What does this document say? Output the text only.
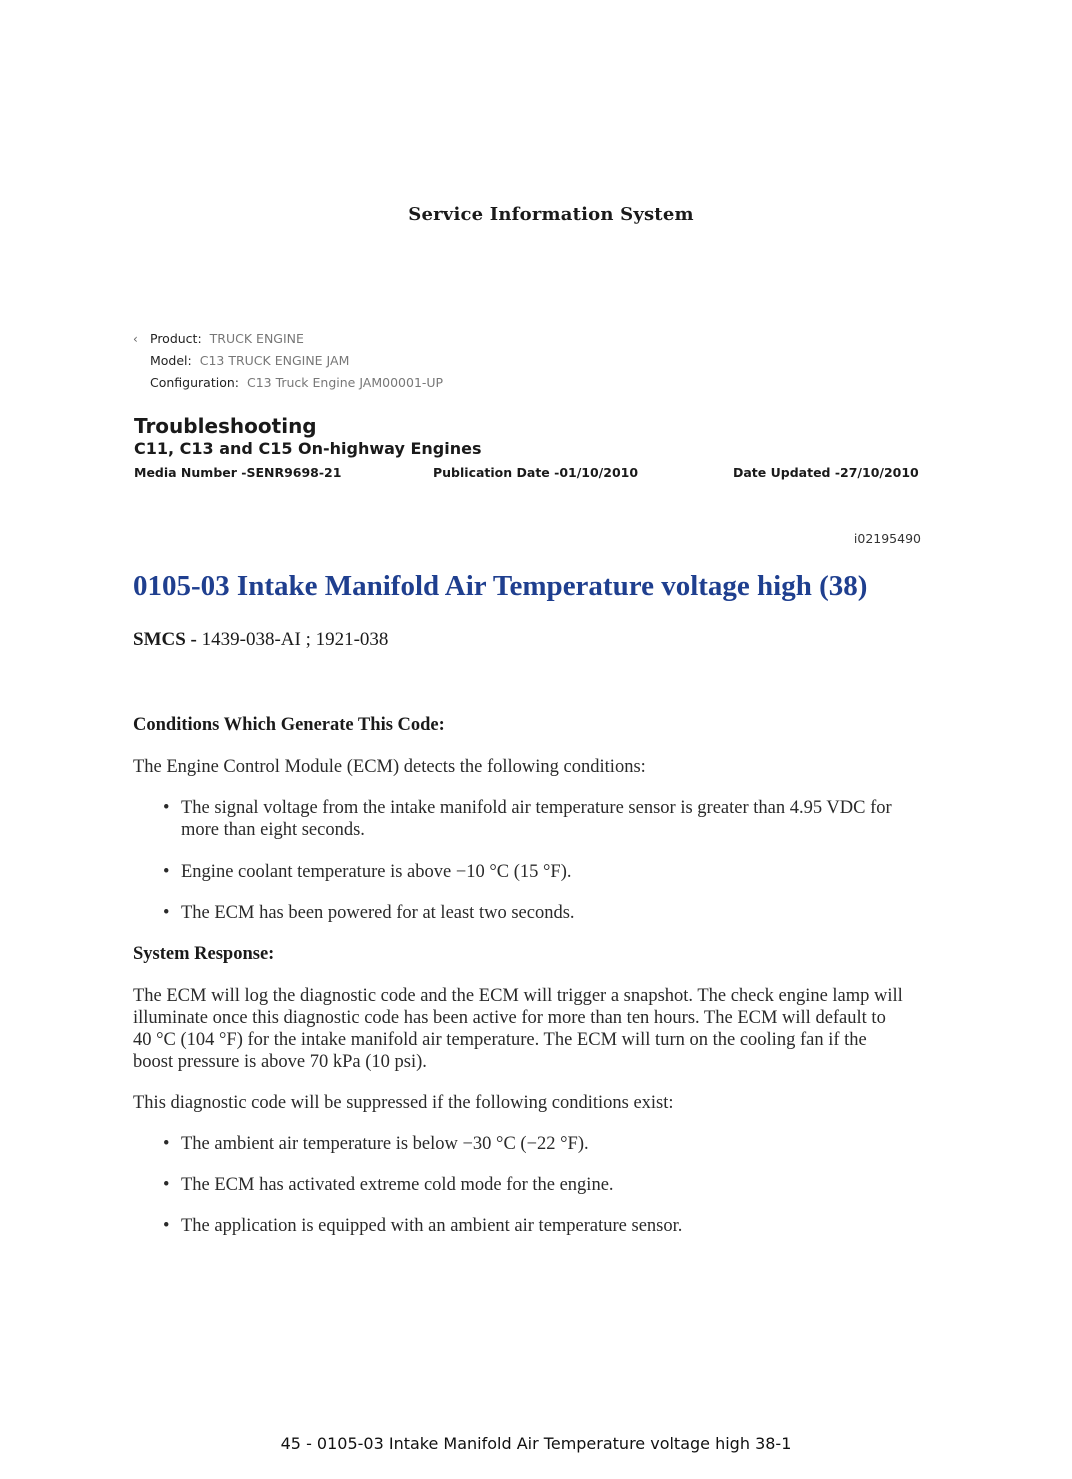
Service Information System
‹ Product: TRUCK ENGINE
Model: C13 TRUCK ENGINE JAM
Configuration: C13 Truck Engine JAM00001-UP
Troubleshooting
C11, C13 and C15 On-highway Engines
Media Number -SENR9698-21	Publication Date -01/10/2010	Date Updated -27/10/2010
i02195490
0105-03 Intake Manifold Air Temperature voltage high (38)
SMCS - 1439-038-AI ; 1921-038
Conditions Which Generate This Code:
The Engine Control Module (ECM) detects the following conditions:
• The signal voltage from the intake manifold air temperature sensor is greater than 4.95 VDC for more than eight seconds.
• Engine coolant temperature is above −10 °C (15 °F).
• The ECM has been powered for at least two seconds.
System Response:
The ECM will log the diagnostic code and the ECM will trigger a snapshot. The check engine lamp will illuminate once this diagnostic code has been active for more than ten hours. The ECM will default to 40 °C (104 °F) for the intake manifold air temperature. The ECM will turn on the cooling fan if the boost pressure is above 70 kPa (10 psi).
This diagnostic code will be suppressed if the following conditions exist:
• The ambient air temperature is below −30 °C (−22 °F).
• The ECM has activated extreme cold mode for the engine.
• The application is equipped with an ambient air temperature sensor.
45 - 0105-03 Intake Manifold Air Temperature voltage high 38-1
